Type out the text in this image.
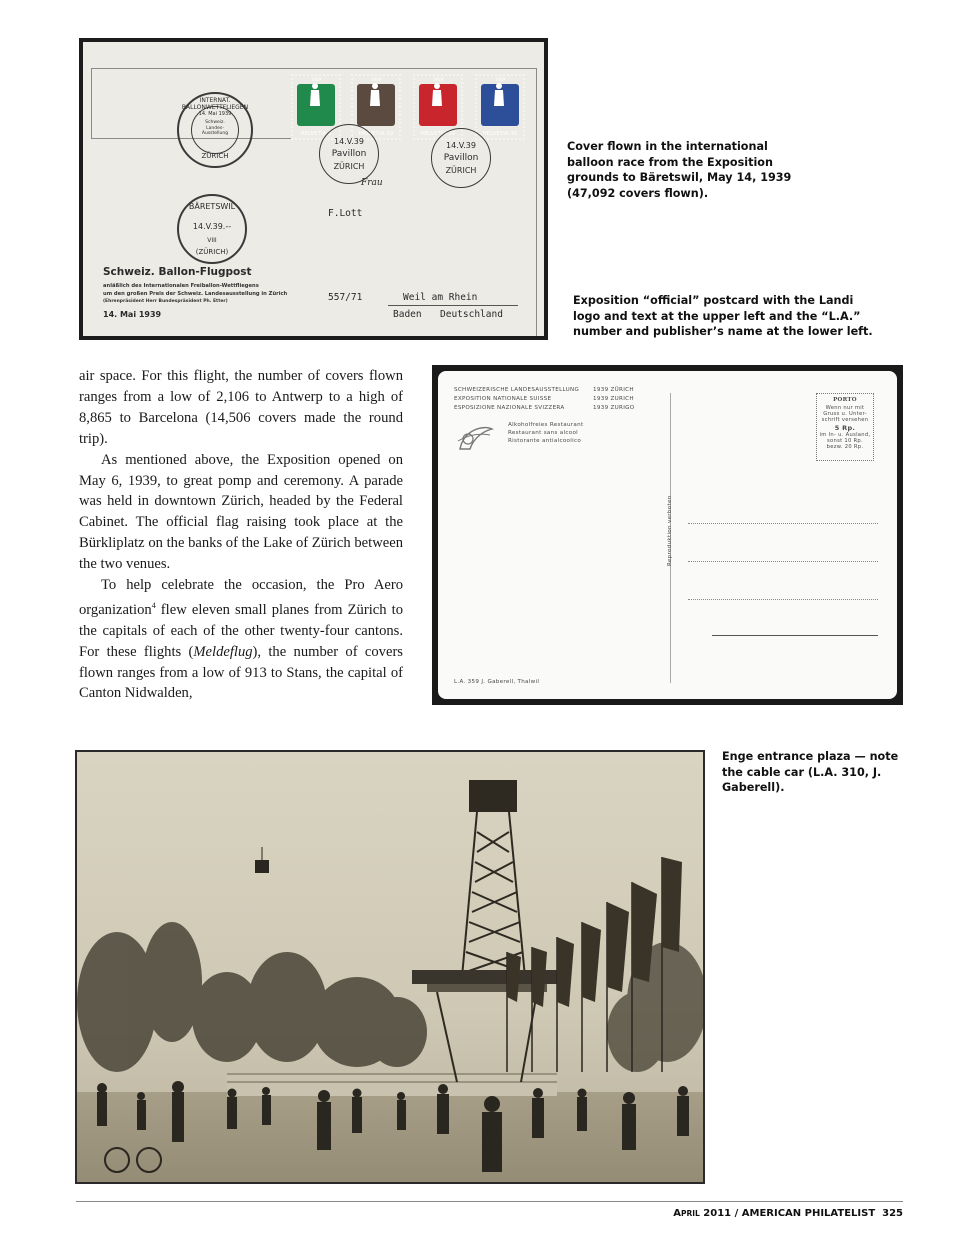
1939
HELVETIA 5
1939
HELVETIA 10
1939
HELVETIA 20
1939
HELVETIA 30
INTERNAT. BALLONWETTFLIEGEN
Schweiz.
Landes-
Ausstellung
14. Mai 1939
ZÜRICH
14.V.39
Pavillon
ZÜRICH
14.V.39
Pavillon
ZÜRICH
BÄRETSWIL
14.V.39.--
VIII
(ZÜRICH)
Frau
F.Lott
557/71	Weil am Rhein
Baden Deutschland
Schweiz. Ballon-Flugpost
anläßlich des Internationalen Freiballon-Wettfliegens
um den großen Preis der Schweiz. Landesausstellung in Zürich
(Ehrenpräsident Herr Bundespräsident Ph. Etter)
14. Mai 1939
Cover flown in the international
balloon race from the Exposition
grounds to Bäretswil, May 14, 1939
(47,092 covers flown).
Exposition “official” postcard with the Landi
logo and text at the upper left and the “L.A.”
number and publisher’s name at the lower left.

air space. For this flight, the number of covers flown ranges from a low of 2,106 to Antwerp to a high of 8,865 to Barcelona (14,506 covers made the round trip).

As mentioned above, the Exposition opened on May 6, 1939, to great pomp and ceremony. A parade was held in downtown Zürich, headed by the Federal Cabinet. The official flag raising took place at the Bürkliplatz on the banks of the Lake of Zürich between the two venues.

To help celebrate the occasion, the Pro Aero organization$^4$ flew eleven small planes from Zürich to the capitals of each of the other twenty-four cantons. For these flights (Meldeflug), the number of covers flown ranges from a low of 913 to Stans, the capital of Canton Nidwalden,

SCHWEIZERISCHE LANDESAUSSTELLUNG 1939 ZÜRICH
EXPOSITION NATIONALE SUISSE	1939 ZURICH
ESPOSIZIONE NAZIONALE SVIZZERA	1939 ZURIGO
Alkoholfreies Restaurant
Restaurant sans alcool
Ristorante antialcoolico
Reproduktion verboten
PORTO
Wenn nur mit
Gruss u. Unter-
schrift versehen
5 Rp.
im In- u. Ausland,
sonst 10 Rp.
bezw. 20 Rp.
L.A. 359 J. Gaberell, Thalwil
Enge entrance plaza — note
the cable car (L.A. 310, J.
Gaberell).
APRIL 2011 / AMERICAN PHILATELIST 325
